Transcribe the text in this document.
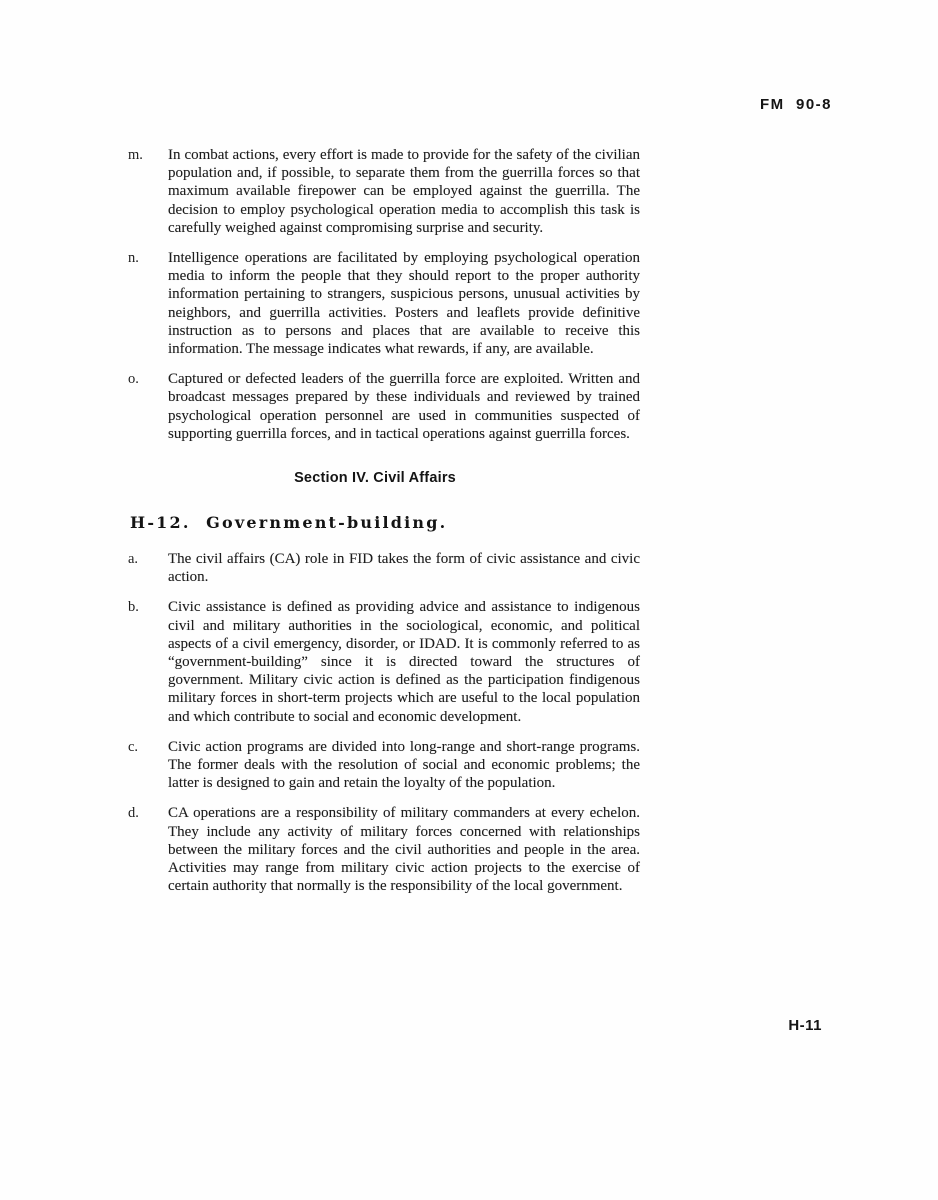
FM  90-8

m.	In combat actions, every effort is made to provide for the safety of the civilian population and, if possible, to separate them from the guerrilla forces so that maximum available firepower can be employed against the guerrilla. The decision to employ psychological operation media to accomplish this task is carefully weighed against compromising surprise and security.

n.	Intelligence operations are facilitated by employing psychological operation media to inform the people that they should report to the proper authority information pertaining to strangers, suspicious persons, unusual activities by neighbors, and guerrilla activities. Posters and leaflets provide definitive instruction as to persons and places that are available to receive this information. The message indicates what rewards, if any, are available.

o.	Captured or defected leaders of the guerrilla force are exploited. Written and broadcast messages prepared by these individuals and reviewed by trained psychological operation personnel are used in communities suspected of supporting guerrilla forces, and in tactical operations against guerrilla forces.

Section IV. Civil Affairs
H-12.  Government-building.
a.	The civil affairs (CA) role in FID takes the form of civic assistance and civic action.

b.	Civic assistance is defined as providing advice and assistance to indigenous civil and military authorities in the sociological, economic, and political aspects of a civil emergency, disorder, or IDAD. It is commonly referred to as “government-building” since it is directed toward the structures of government. Military civic action is defined as the participation findigenous military forces in short-term projects which are useful to the local population and which contribute to social and economic development.

c.	Civic action programs are divided into long-range and short-range programs. The former deals with the resolution of social and economic problems; the latter is designed to gain and retain the loyalty of the population.

d.	CA operations are a responsibility of military commanders at every echelon. They include any activity of military forces concerned with relationships between the military forces and the civil authorities and people in the area. Activities may range from military civic action projects to the exercise of certain authority that normally is the responsibility of the local government.

H-11
